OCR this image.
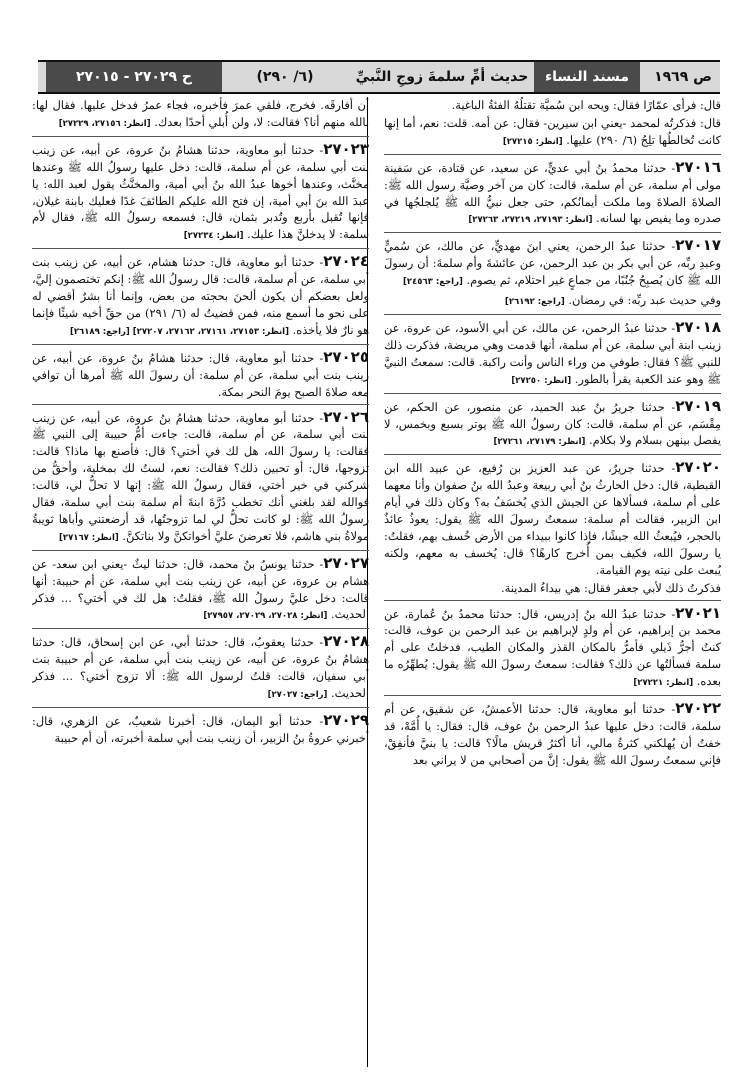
ص ١٩٦٩
مسند النساء
حديث أمِّ سلمةَ زوجِ النَّبيِّ
(٦/ ٢٩٠)
ح ٢٧٠٢٩ - ٢٧٠١٥
قال: فرأى عمّارًا فقال: ويحه ابن سُميَّة تقتلُهُ الفئةُ الباغية.
قال: فذكرتُه لمحمد -يعني ابن سيرين- فقال: عن أمه. قلت: نعم، أما إنها كانت تُخالطُها تلِجُ (٦/ ٢٩٠) عليها. [انظر: ٢٧٢١٥]
٢٧٠١٦- حدثنا محمدُ بنُ أبي عديٍّ، عن سعيد، عن قتادة، عن سَفينة مولى أم سلمة، عن أم سلمة، قالت: كان من آخر وصيَّة رسول الله ﷺ: الصلاةَ الصلاةَ وما ملكت أيمانُكم، حتى جعل نبيُّ الله ﷺ يُلجلجُها في صدره وما يفيص بها لسانه. [انظر: ٢٧١٩٣، ٢٧٢١٩، ٢٧٢٦٣]
٢٧٠١٧- حدثنا عبدُ الرحمن، يعني ابنَ مهديٍّ، عن مالك، عن سُميٍّ وعبدِ ربِّه، عن أبي بكر بن عبد الرحمن، عن عائشةَ وأم سلمةَ: أن رسولَ الله ﷺ كان يُصبِحُ جُنُبًا، من جماعٍ غير احتلام، ثم يصوم. [راجع: ٢٤٥٦٣]
وفي حديث عبد ربِّه: في رمضان. [راجع: ٢٦١٩٢]
٢٧٠١٨- حدثنا عبدُ الرحمن، عن مالك، عن أبي الأسود، عن عروة، عن زينب ابنة أبي سلمة، عن أم سلمة، أنها قدمت وهي مريضة، فذكرت ذلك للنبي ﷺ؟ فقال: طوفي من وراء الناس وأنت راكبة. قالت: سمعتُ النبيَّ ﷺ وهو عند الكعبة يقرأ بالطور. [انظر: ٢٧٢٥٠]
٢٧٠١٩- حدثنا جريرُ بنُ عبد الحميد، عن منصور، عن الحكم، عن مِقْسَم، عن أم سلمة، قالت: كان رسولُ الله ﷺ يوتر بسبع وبخمس، لا يفصل بينهن بسلام ولا بكلام. [انظر: ٢٧١٧٩، ٢٧٢٦١]
٢٧٠٢٠- حدثنا جريرٌ، عن عبد العزيز بن رُفيع، عن عبيد الله ابن القبطية، قال: دخل الحارثُ بنُ أبي ربيعة وعبدُ الله بنُ صفوان وأنا معهما على أم سلمة، فسألاها عن الجيش الذي يُخسَفُ به؟ وكان ذلك في أيام ابن الزبير، فقالت أم سلمة: سمعتُ رسولَ الله ﷺ يقول: يعوذُ عائذٌ بالحجر، فيُبعثُ الله جيشًا، فإذا كانوا ببيداء من الأرض خُسف بهم، فقلتُ: يا رسولَ الله، فكيف بمن أُخرج كارهًا؟ قال: يُخسف به معهم، ولكنه يُبعث على نيته يوم القيامة.
فذكرتُ ذلك لأبي جعفر فقال: هي بيداءُ المدينة.
٢٧٠٢١- حدثنا عبدُ الله بنُ إدريس، قال: حدثنا محمدُ بنُ عُمارة، عن محمد بن إبراهيم، عن أم ولدٍ لإبراهيم بن عبد الرحمن بن عوف، قالت: كنتُ أجرُّ ذَيلي فأمرُّ بالمكان القذر والمكان الطيب، فدخلتُ على أم سلمة فسألتُها عن ذلك؟ فقالت: سمعتُ رسولَ الله ﷺ يقول: يُطهِّرُه ما بعده. [انظر: ٢٧٢٢١]
٢٧٠٢٢- حدثنا أبو معاوية، قال: حدثنا الأعمشُ، عن شقيق، عن أم سلمة، قالت: دخل عليها عبدُ الرحمن بنُ عوف، قال: فقال: يا أُمَّهْ، قد خفتُ أن يُهلكني كثرةُ مالي، أنا أكثرُ قريش مالًا؟ قالت: يا بنيَّ فأنفِقْ، فإني سمعتُ رسولَ الله ﷺ يقول: إنَّ من أصحابي من لا يراني بعد
أن أفارقَه. فخرج، فلقي عمرَ فأخبره، فجاء عمرُ فدخل عليها. فقال لها: بالله منهم أنا؟ فقالت: لا، ولن أُبلي أحدًا بعدك. [انظر: ٢٧١٥٦، ٢٧٢٢٩]
٢٧٠٢٣- حدثنا أبو معاوية، حدثنا هشامُ بنُ عروة، عن أبيه، عن زينب بنت أبي سلمة، عن أم سلمة، قالت: دخل عليها رسولُ الله ﷺ وعندها مخنَّث، وعندها أخوها عبدُ الله بنُ أبي أمية، والمخنَّثُ يقول لعبد الله: يا عبدَ الله بنَ أبي أمية، إن فتح الله عليكم الطائفَ غدًا فعليك بابنة غيلان، فإنها تُقبل بأربع وتُدبر بثمان، قال: فسمعه رسولُ الله ﷺ، فقال لأم سلمة: لا يدخلنَّ هذا عليك. [انظر: ٢٧٢٣٤]
٢٧٠٢٤- حدثنا أبو معاوية، قال: حدثنا هشام، عن أبيه، عن زينب بنت أبي سلمة، عن أم سلمة، قالت: قال رسولُ الله ﷺ: إنكم تختصمون إليَّ، ولعل بعضكم أن يكون ألحنَ بحجته من بعض، وإنما أنا بشرٌ أقضي له على نحو ما أسمع منه، فمن قضيتُ له (٦/ ٢٩١) من حقِّ أخيه شيئًا فإنما هو نارٌ فلا يأخذه. [انظر: ٢٧١٥٣، ٢٧١٦١، ٢٧١٦٢، ٢٧٢٠٧] [راجع: ٢٦١٨٩]
٢٧٠٢٥- حدثنا أبو معاوية، قال: حدثنا هشامُ بنُ عروة، عن أبيه، عن زينب بنت أبي سلمة، عن أم سلمة: أن رسولَ الله ﷺ أمرها أن توافي معه صلاةَ الصبح يومَ النحر بمكة.
٢٧٠٢٦- حدثنا أبو معاوية، حدثنا هشامُ بنُ عروة، عن أبيه، عن زينب بنت أبي سلمة، عن أم سلمة، قالت: جاءت أمُّ حبيبة إلى النبي ﷺ فقالت: يا رسولَ الله، هل لك في أختي؟ قال: فأصنع بها ماذا؟ قالت: تزوجها، قال: أو تحبين ذلك؟ فقالت: نعم، لستُ لك بمخلية، وأحقُّ من شركني في خير أختي، فقال رسولُ الله ﷺ: إنها لا تحلُّ لي، قالت: فوالله لقد بلغني أنك تخطب دُرَّةَ ابنةَ أم سلمة بنت أبي سلمة، فقال رسولُ الله ﷺ: لو كانت تحلُّ لي لما تزوجتُها، قد أرضعتني وأباها ثويبةُ مولاةُ بني هاشم، فلا تعرضنَ عليَّ أخواتكنَّ ولا بناتكنَّ. [انظر: ٢٧١٦٧]
٢٧٠٢٧- حدثنا يونسُ بنُ محمد، قال: حدثنا ليثٌ -يعني ابن سعد- عن هشام بن عروة، عن أبيه، عن زينب بنت أبي سلمة، عن أم حبيبة: أنها قالت: دخل عليَّ رسولُ الله ﷺ، فقلتُ: هل لك في أختي؟ ... فذكر الحديث. [انظر: ٢٧٠٢٨، ٢٧٠٢٩، ٢٧٩٥٧]
٢٧٠٢٨- حدثنا يعقوبُ، قال: حدثنا أبي، عن ابن إسحاق، قال: حدثنا هشامُ بنُ عروة، عن أبيه، عن زينب بنت أبي سلمة، عن أم حبيبة بنت أبي سفيان، قالت: قلتُ لرسول الله ﷺ: ألا تزوج أختي؟ ... فذكر الحديث. [راجع: ٢٧٠٢٧]
٢٧٠٢٩- حدثنا أبو اليمان، قال: أخبرنا شعيبٌ، عن الزهري، قال: أخبرني عروةُ بنُ الزبير، أن زينب بنت أبي سلمة أخبرته، أن أم حبيبة
